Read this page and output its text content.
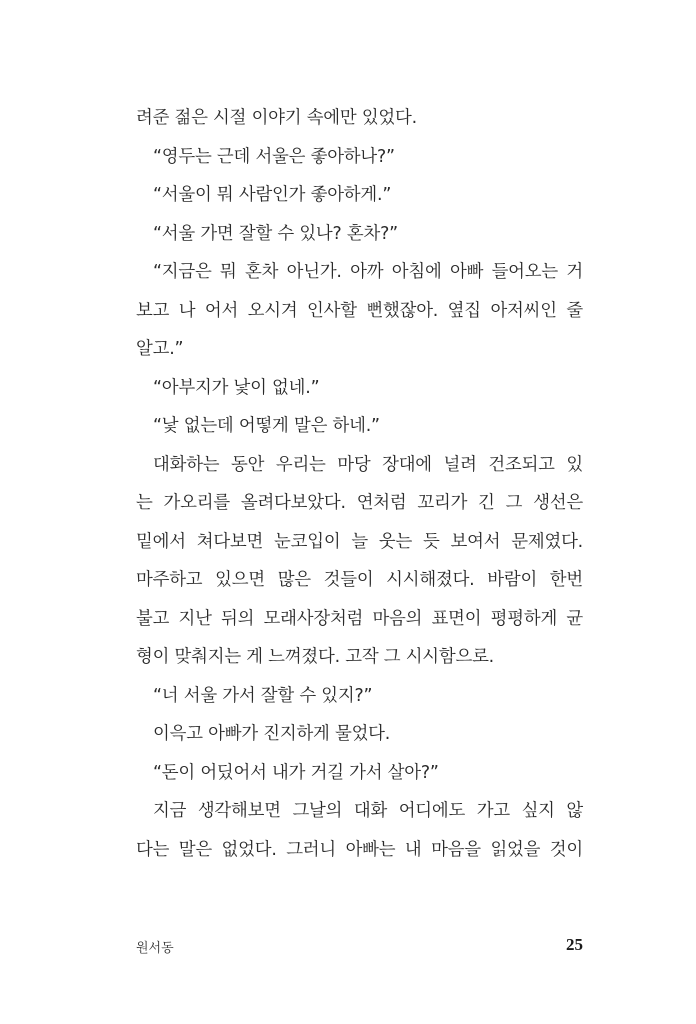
려준 젊은 시절 이야기 속에만 있었다.
“영두는 근데 서울은 좋아하나?”
“서울이 뭐 사람인가 좋아하게.”
“서울 가면 잘할 수 있나? 혼차?”
“지금은 뭐 혼차 아닌가. 아까 아침에 아빠 들어오는 거
보고 나 어서 오시겨 인사할 뻔했잖아. 옆집 아저씨인 줄
알고.”
“아부지가 낯이 없네.”
“낯 없는데 어떻게 말은 하네.”
대화하는 동안 우리는 마당 장대에 널려 건조되고 있
는 가오리를 올려다보았다. 연처럼 꼬리가 긴 그 생선은
밑에서 쳐다보면 눈코입이 늘 웃는 듯 보여서 문제였다.
마주하고 있으면 많은 것들이 시시해졌다. 바람이 한번
불고 지난 뒤의 모래사장처럼 마음의 표면이 평평하게 균
형이 맞춰지는 게 느껴졌다. 고작 그 시시함으로.
“너 서울 가서 잘할 수 있지?”
이윽고 아빠가 진지하게 물었다.
“돈이 어딨어서 내가 거길 가서 살아?”
지금 생각해보면 그날의 대화 어디에도 가고 싶지 않
다는 말은 없었다. 그러니 아빠는 내 마음을 읽었을 것이
원서동	25
